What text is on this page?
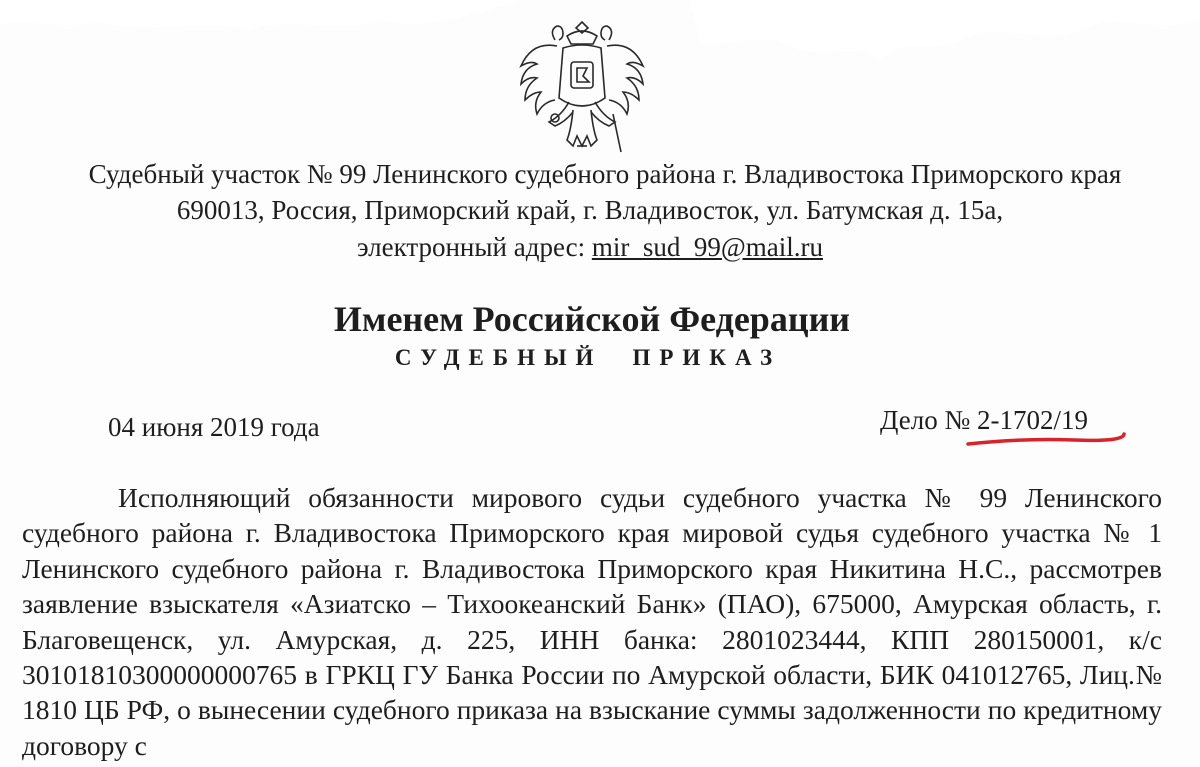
Судебный участок № 99 Ленинского судебного района г. Владивостока Приморского края
690013, Россия, Приморский край, г. Владивосток, ул. Батумская д. 15а,
электронный адрес: mir_sud_99@mail.ru
Именем Российской Федерации
СУДЕБНЫЙ ПРИКАЗ
04 июня 2019 года	Дело № 2-1702/19

Исполняющий обязанности мирового судьи судебного участка № 99 Ленинского судебного района г. Владивостока Приморского края мировой судья судебного участка № 1 Ленинского судебного района г. Владивостока Приморского края Никитина Н.С., рассмотрев заявление взыскателя «Азиатско – Тихоокеанский Банк» (ПАО), 675000, Амурская область, г. Благовещенск, ул. Амурская, д. 225, ИНН банка: 2801023444, КПП 280150001, к/с 30101810300000000765 в ГРКЦ ГУ Банка России по Амурской области, БИК 041012765, Лиц.№ 1810 ЦБ РФ, о вынесении судебного приказа на взыскание суммы задолженности по кредитному договору с
